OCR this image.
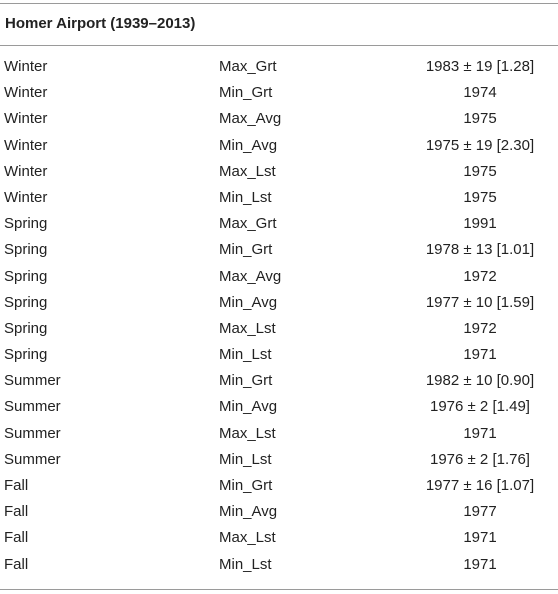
Homer Airport (1939–2013)
Winter	Max_Grt	1983 ± 19 [1.28]
Winter	Min_Grt	1974
Winter	Max_Avg	1975
Winter	Min_Avg	1975 ± 19 [2.30]
Winter	Max_Lst	1975
Winter	Min_Lst	1975
Spring	Max_Grt	1991
Spring	Min_Grt	1978 ± 13 [1.01]
Spring	Max_Avg	1972
Spring	Min_Avg	1977 ± 10 [1.59]
Spring	Max_Lst	1972
Spring	Min_Lst	1971
Summer	Min_Grt	1982 ± 10 [0.90]
Summer	Min_Avg	1976 ± 2 [1.49]
Summer	Max_Lst	1971
Summer	Min_Lst	1976 ± 2 [1.76]
Fall	Min_Grt	1977 ± 16 [1.07]
Fall	Min_Avg	1977
Fall	Max_Lst	1971
Fall	Min_Lst	1971
